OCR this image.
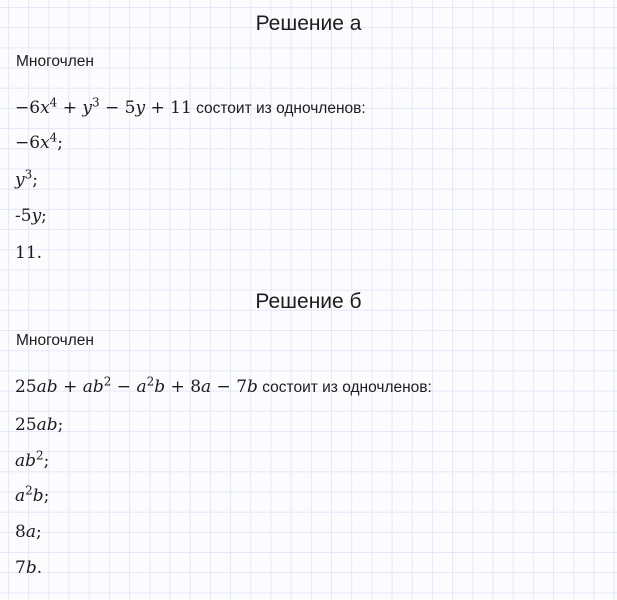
Решение а
Многочлен
$-6x^4 + y^3 - 5y + 11$ состоит из одночленов:
$-6x^4$;
$y^3$;
-5y;
11.
Решение б
Многочлен
$25ab + ab^2 - a^2b + 8a - 7b$ состоит из одночленов:
25ab;
$ab^2$;
$a^2b$;
8a;
7b.
